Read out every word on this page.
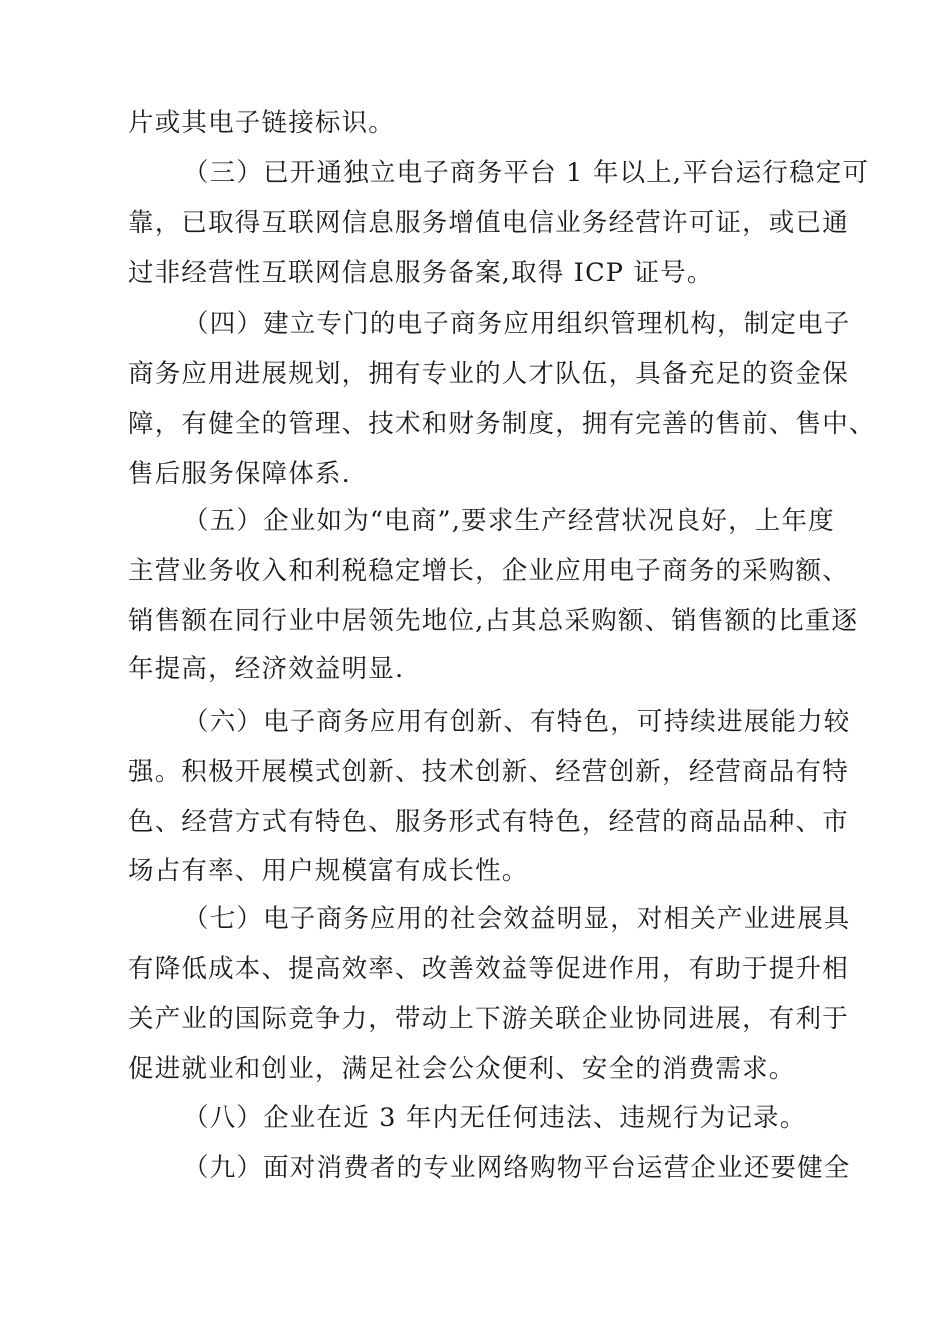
片或其电子链接标识。
（三）已开通独立电子商务平台 1 年以上,平台运行稳定可
靠，已取得互联网信息服务增值电信业务经营许可证，或已通
过非经营性互联网信息服务备案,取得 ICP 证号。
（四）建立专门的电子商务应用组织管理机构，制定电子
商务应用进展规划，拥有专业的人才队伍，具备充足的资金保
障，有健全的管理、技术和财务制度，拥有完善的售前、售中、
售后服务保障体系.
（五）企业如为“电商”,要求生产经营状况良好，上年度
主营业务收入和利税稳定增长，企业应用电子商务的采购额、
销售额在同行业中居领先地位,占其总采购额、销售额的比重逐
年提高，经济效益明显.
（六）电子商务应用有创新、有特色，可持续进展能力较
强。积极开展模式创新、技术创新、经营创新，经营商品有特
色、经营方式有特色、服务形式有特色，经营的商品品种、市
场占有率、用户规模富有成长性。
（七）电子商务应用的社会效益明显，对相关产业进展具
有降低成本、提高效率、改善效益等促进作用，有助于提升相
关产业的国际竞争力，带动上下游关联企业协同进展，有利于
促进就业和创业，满足社会公众便利、安全的消费需求。
（八）企业在近 3 年内无任何违法、违规行为记录。
（九）面对消费者的专业网络购物平台运营企业还要健全
